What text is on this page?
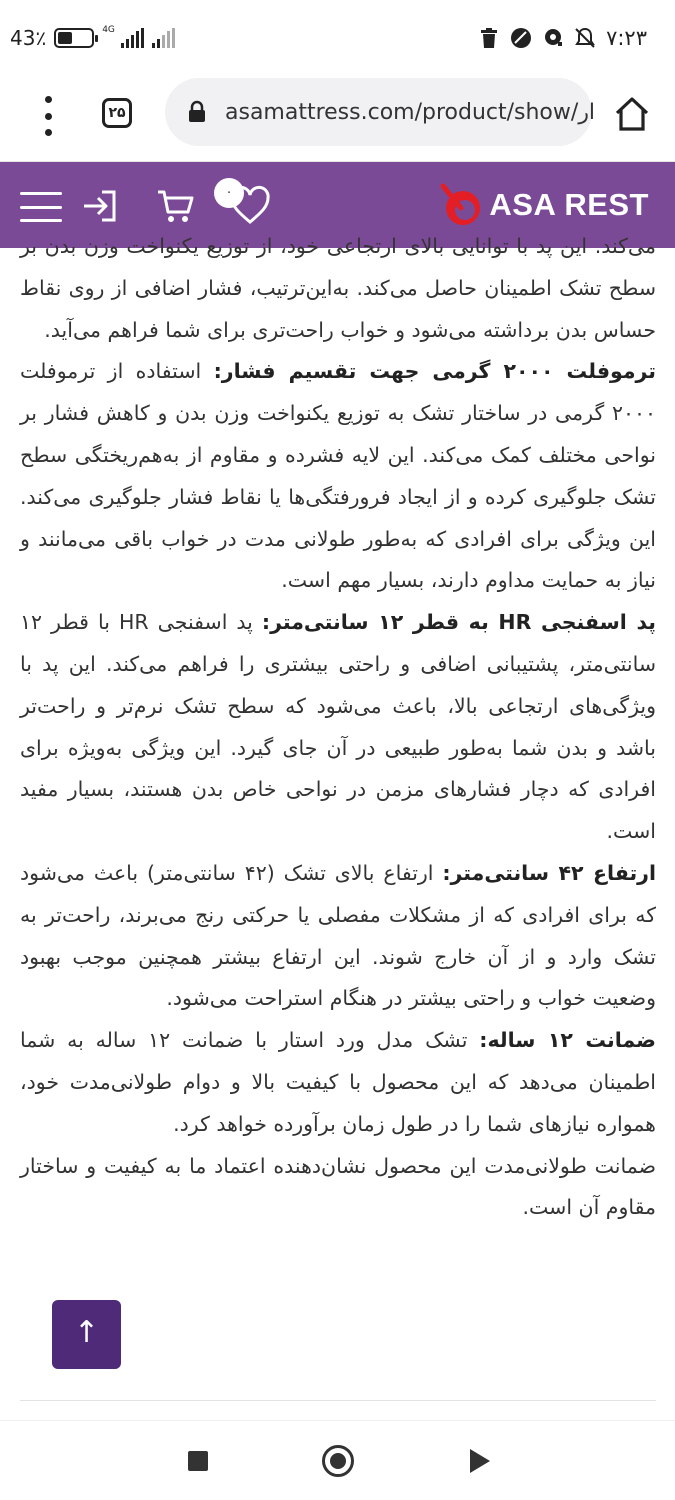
43٪	4G	۷:۲۳
۲۵	asamattress.com/product/show/ار
ASA REST
۰

می‌کند. این پد با توانایی بالای ارتجاعی خود، از توزیع یکنواخت وزن بدن بر سطح تشک اطمینان حاصل می‌کند. به‌این‌ترتیب، فشار اضافی از روی نقاط حساس بدن برداشته می‌شود و خواب راحت‌تری برای شما فراهم می‌آید.

ترموفلت ۲۰۰۰ گرمی جهت تقسیم فشار: استفاده از ترموفلت ۲۰۰۰ گرمی در ساختار تشک به توزیع یکنواخت وزن بدن و کاهش فشار بر نواحی مختلف کمک می‌کند. این لایه فشرده و مقاوم از به‌هم‌ریختگی سطح تشک جلوگیری کرده و از ایجاد فرورفتگی‌ها یا نقاط فشار جلوگیری می‌کند. این ویژگی برای افرادی که به‌طور طولانی مدت در خواب باقی می‌مانند و نیاز به حمایت مداوم دارند، بسیار مهم است.

پد اسفنجی HR به قطر ۱۲ سانتی‌متر: پد اسفنجی HR با قطر ۱۲ سانتی‌متر، پشتیبانی اضافی و راحتی بیشتری را فراهم می‌کند. این پد با ویژگی‌های ارتجاعی بالا، باعث می‌شود که سطح تشک نرم‌تر و راحت‌تر باشد و بدن شما به‌طور طبیعی در آن جای گیرد. این ویژگی به‌ویژه برای افرادی که دچار فشارهای مزمن در نواحی خاص بدن هستند، بسیار مفید است.

ارتفاع ۴۲ سانتی‌متر: ارتفاع بالای تشک (۴۲ سانتی‌متر) باعث می‌شود که برای افرادی که از مشکلات مفصلی یا حرکتی رنج می‌برند، راحت‌تر به تشک وارد و از آن خارج شوند. این ارتفاع بیشتر همچنین موجب بهبود وضعیت خواب و راحتی بیشتر در هنگام استراحت می‌شود.

ضمانت ۱۲ ساله: تشک مدل ورد استار با ضمانت ۱۲ ساله به شما اطمینان می‌دهد که این محصول با کیفیت بالا و دوام طولانی‌مدت خود، همواره نیازهای شما را در طول زمان برآورده خواهد کرد.

ضمانت طولانی‌مدت این محصول نشان‌دهنده اعتماد ما به کیفیت و ساختار مقاوم آن است.

↑
